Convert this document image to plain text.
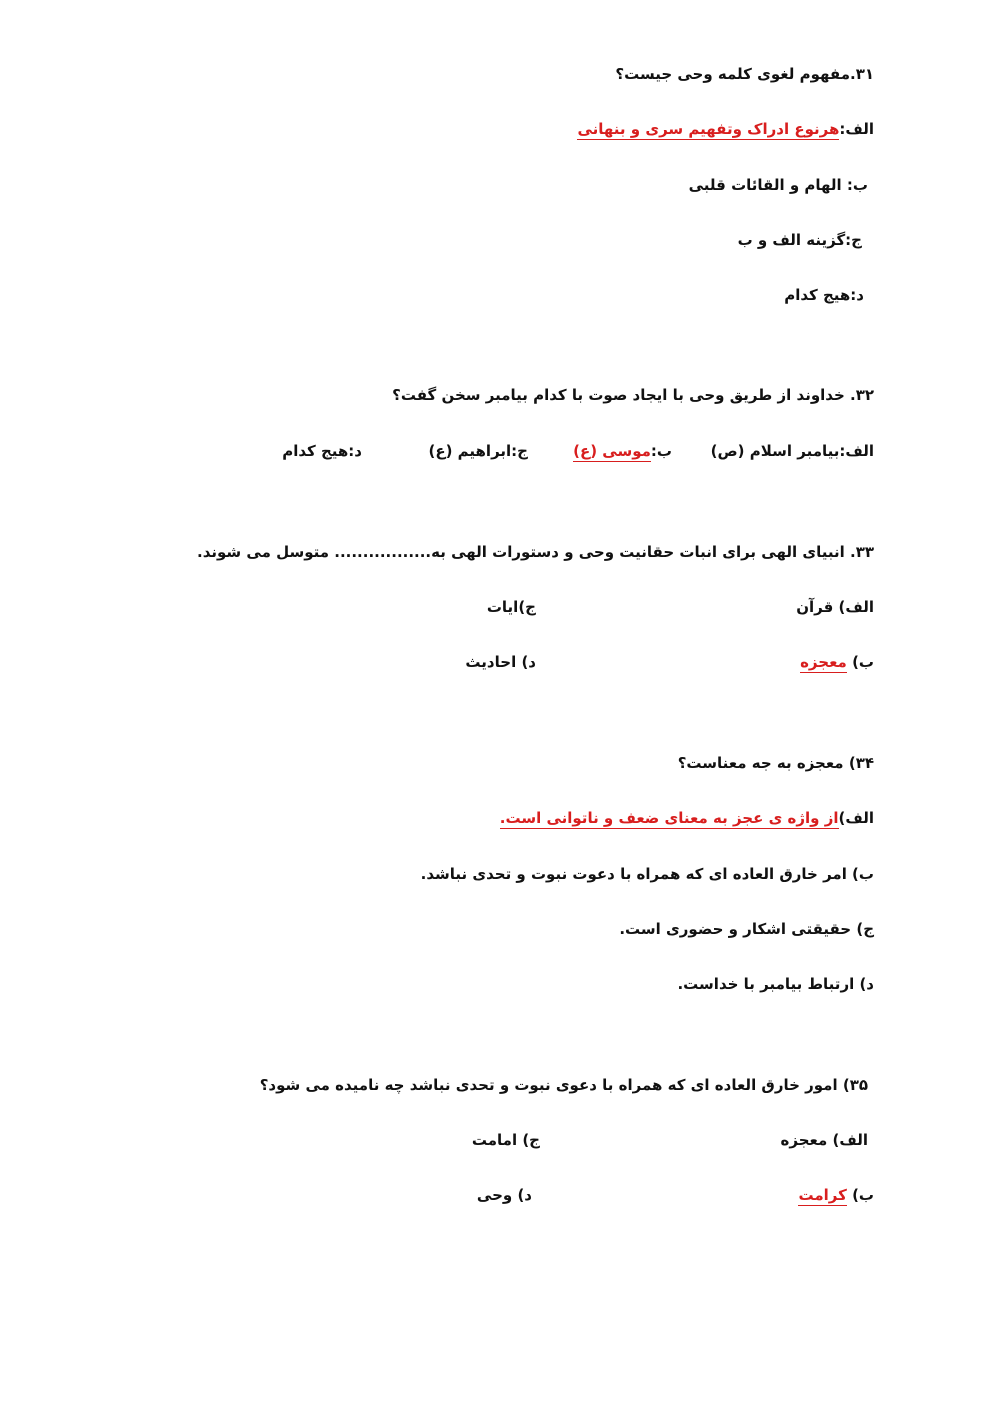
۳۱.مفهوم لغوی کلمه وحی جیست؟
الف:هرنوع ادراک وتفهیم سری و بنهانی
ب: الهام و القائات قلبی
ج:گزینه الف و ب
د:هیج کدام
۳۲. خداوند از طریق وحی با ایجاد صوت با کدام بیامبر سخن گفت؟
الف:بیامبر اسلام (ص)
ب:موسی (ع)
ج:ابراهیم (ع)
د:هیج کدام
۳۳. انبیای الهی برای انبات حقانیت وحی و دستورات الهی به................. متوسل می شوند.
الف) قرآن
ج)ایات
ب) معجزه
د) احادیث
۳۴) معجزه به جه معناست؟
الف)از واژه ی عجز به معنای ضعف و ناتوانی است.
ب) امر خارق العاده ای که همراه با دعوت نبوت و تحدی نباشد.
ج) حقیقتی اشکار و حضوری است.
د) ارتباط بیامبر با خداست.
۳۵) امور خارق العاده ای که همراه با دعوی نبوت و تحدی نباشد چه نامیده می شود؟
الف) معجزه
ج) امامت
ب) کرامت
د) وحی
